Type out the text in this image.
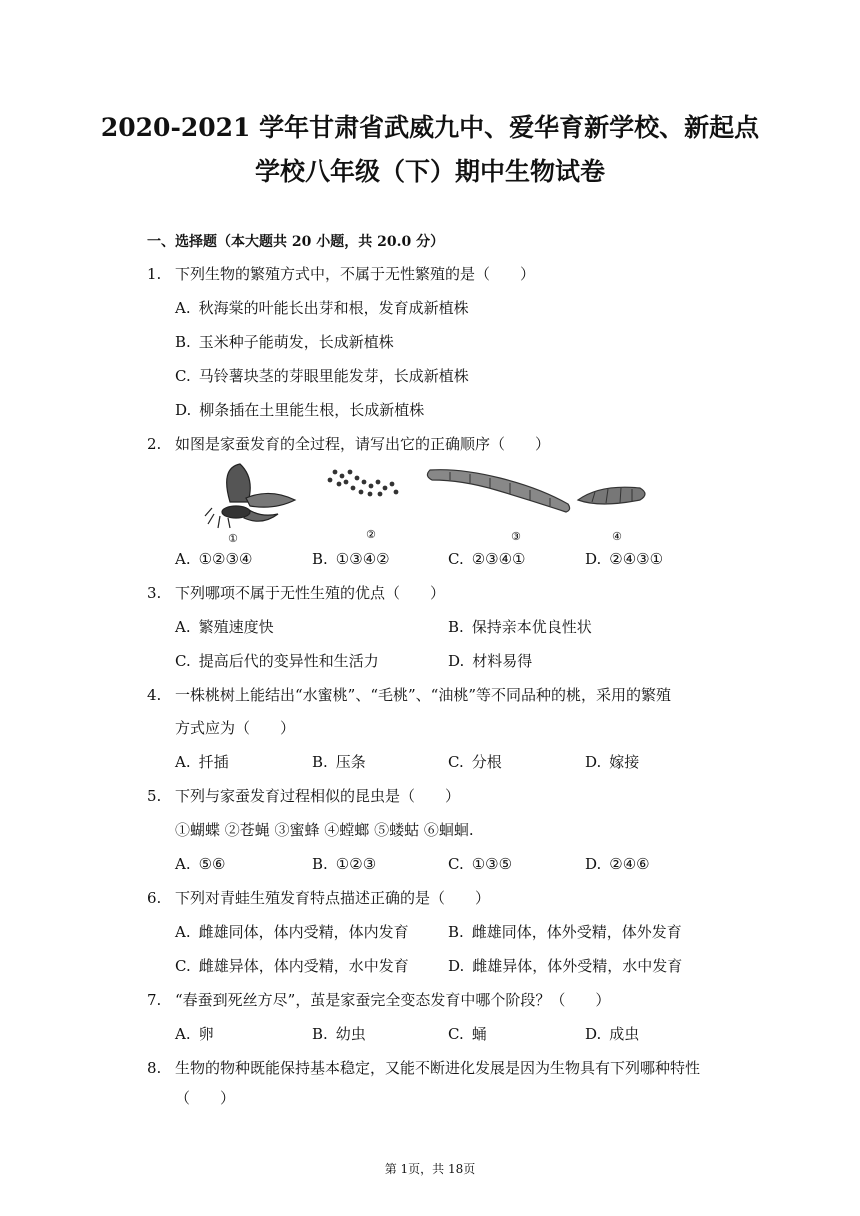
2020-2021 学年甘肃省武威九中、爱华育新学校、新起点
学校八年级（下）期中生物试卷
一、选择题（本大题共 20 小题，共 20.0 分）
1. 下列生物的繁殖方式中，不属于无性繁殖的是（　　）
A. 秋海棠的叶能长出芽和根，发育成新植株
B. 玉米种子能萌发，长成新植株
C. 马铃薯块茎的芽眼里能发芽，长成新植株
D. 柳条插在土里能生根，长成新植株
2. 如图是家蚕发育的全过程，请写出它的正确顺序（　　）
①	②	③	④
A. ①②③④	B. ①③④②	C. ②③④①	D. ②④③①
3. 下列哪项不属于无性生殖的优点（　　）
A. 繁殖速度快	B. 保持亲本优良性状
C. 提高后代的变异性和生活力	D. 材料易得
4. 一株桃树上能结出“水蜜桃”、“毛桃”、“油桃”等不同品种的桃，采用的繁殖
方式应为（　　）
A. 扦插	B. 压条	C. 分根	D. 嫁接
5. 下列与家蚕发育过程相似的昆虫是（　　）
①蝴蝶 ②苍蝇 ③蜜蜂 ④螳螂 ⑤蝼蛄 ⑥蛔蛔.
A. ⑤⑥	B. ①②③	C. ①③⑤	D. ②④⑥
6. 下列对青蛙生殖发育特点描述正确的是（　　）
A. 雌雄同体，体内受精，体内发育	B. 雌雄同体，体外受精，体外发育
C. 雌雄异体，体内受精，水中发育	D. 雌雄异体，体外受精，水中发育
7. “春蚕到死丝方尽”，茧是家蚕完全变态发育中哪个阶段？（　　）
A. 卵	B. 幼虫	C. 蛹	D. 成虫
8. 生物的物种既能保持基本稳定，又能不断进化发展是因为生物具有下列哪种特性
（　　）
第 1页，共 18页
